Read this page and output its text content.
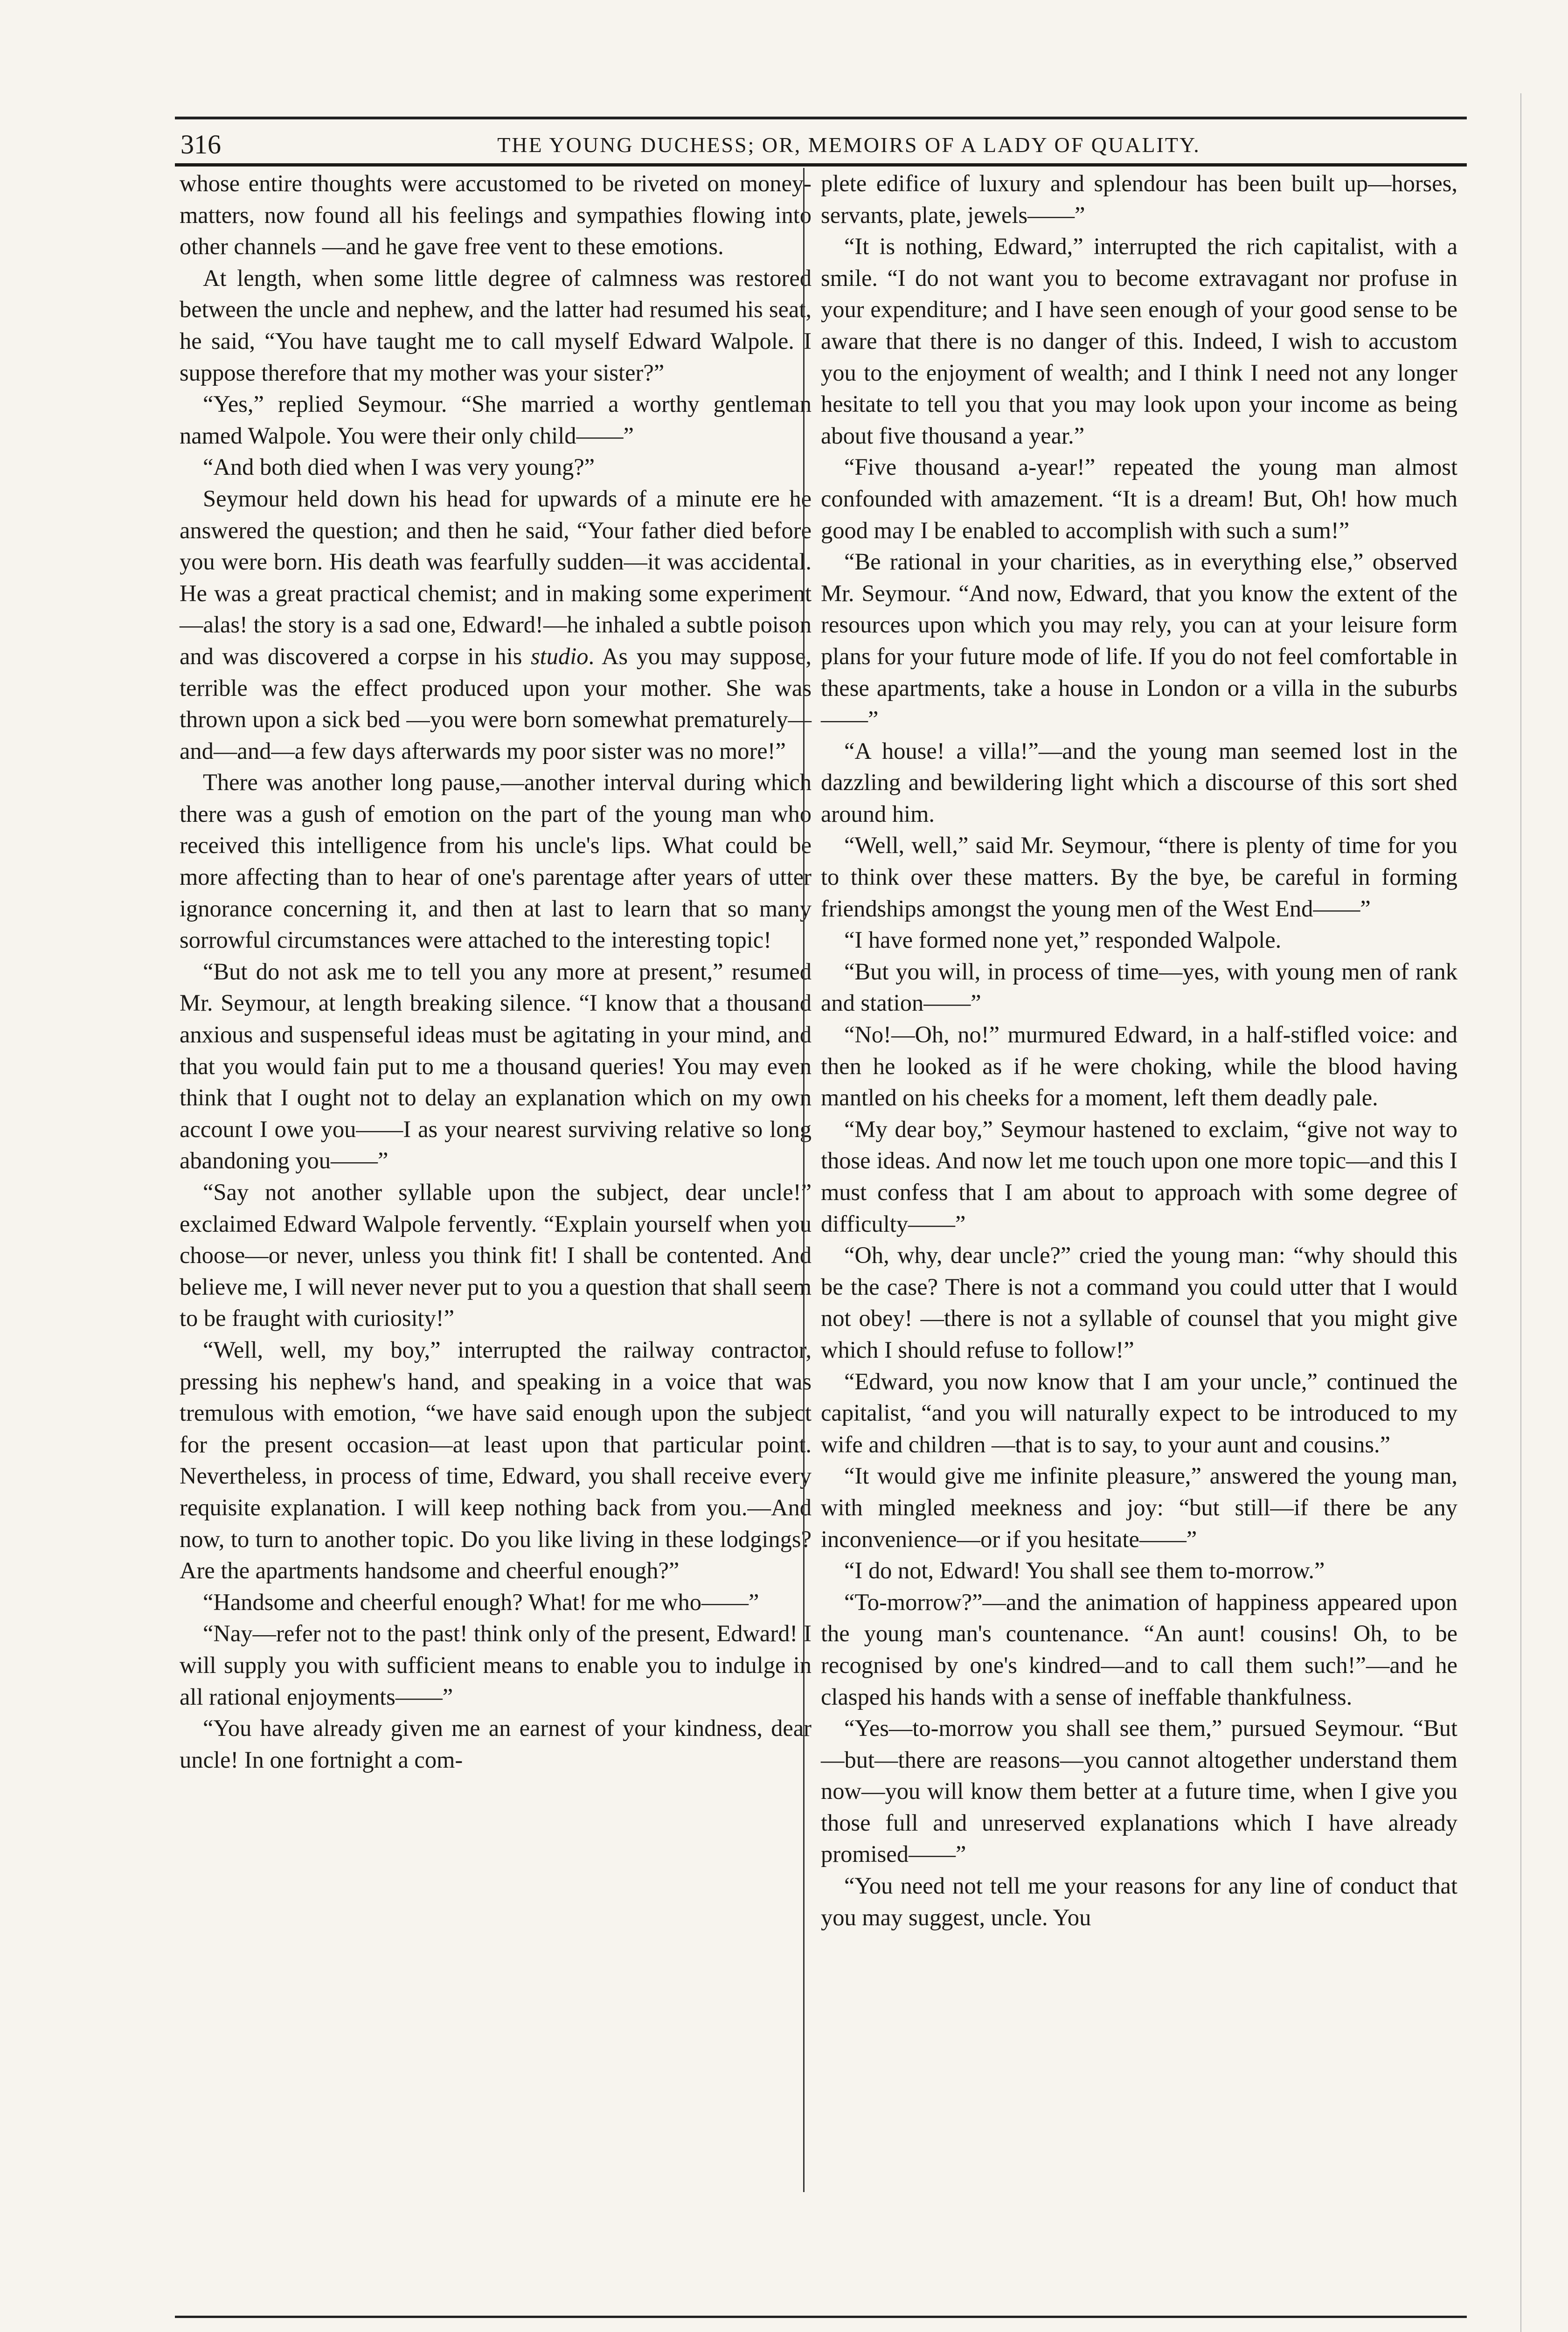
316	THE YOUNG DUCHESS; OR, MEMOIRS OF A LADY OF QUALITY.

whose entire thoughts were accustomed to be riveted on money-matters, now found all his feelings and sympathies flowing into other channels —and he gave free vent to these emotions.

At length, when some little degree of calmness was restored between the uncle and nephew, and the latter had resumed his seat, he said, “You have taught me to call myself Edward Walpole. I suppose therefore that my mother was your sister?”

“Yes,” replied Seymour. “She married a worthy gentleman named Walpole. You were their only child——”

“And both died when I was very young?”

Seymour held down his head for upwards of a minute ere he answered the question; and then he said, “Your father died before you were born. His death was fearfully sudden—it was accidental. He was a great practical chemist; and in making some experiment—alas! the story is a sad one, Edward!—he inhaled a subtle poison and was discovered a corpse in his studio. As you may suppose, terrible was the effect produced upon your mother. She was thrown upon a sick bed —you were born somewhat prematurely—and—and—a few days afterwards my poor sister was no more!”

There was another long pause,—another interval during which there was a gush of emotion on the part of the young man who received this intelligence from his uncle's lips. What could be more affecting than to hear of one's parentage after years of utter ignorance concerning it, and then at last to learn that so many sorrowful circumstances were attached to the interesting topic!

“But do not ask me to tell you any more at present,” resumed Mr. Seymour, at length breaking silence. “I know that a thousand anxious and suspenseful ideas must be agitating in your mind, and that you would fain put to me a thousand queries! You may even think that I ought not to delay an explanation which on my own account I owe you——I as your nearest surviving relative so long abandoning you——”

“Say not another syllable upon the subject, dear uncle!” exclaimed Edward Walpole fervently. “Explain yourself when you choose—or never, unless you think fit! I shall be contented. And believe me, I will never never put to you a question that shall seem to be fraught with curiosity!”

“Well, well, my boy,” interrupted the railway contractor, pressing his nephew's hand, and speaking in a voice that was tremulous with emotion, “we have said enough upon the subject for the present occasion—at least upon that particular point. Nevertheless, in process of time, Edward, you shall receive every requisite explanation. I will keep nothing back from you.—And now, to turn to another topic. Do you like living in these lodgings? Are the apartments handsome and cheerful enough?”

“Handsome and cheerful enough? What! for me who——”

“Nay—refer not to the past! think only of the present, Edward! I will supply you with sufficient means to enable you to indulge in all rational enjoyments——”

“You have already given me an earnest of your kindness, dear uncle! In one fortnight a com-

plete edifice of luxury and splendour has been built up—horses, servants, plate, jewels——”

“It is nothing, Edward,” interrupted the rich capitalist, with a smile. “I do not want you to become extravagant nor profuse in your expenditure; and I have seen enough of your good sense to be aware that there is no danger of this. Indeed, I wish to accustom you to the enjoyment of wealth; and I think I need not any longer hesitate to tell you that you may look upon your income as being about five thousand a year.”

“Five thousand a-year!” repeated the young man almost confounded with amazement. “It is a dream! But, Oh! how much good may I be enabled to accomplish with such a sum!”

“Be rational in your charities, as in everything else,” observed Mr. Seymour. “And now, Edward, that you know the extent of the resources upon which you may rely, you can at your leisure form plans for your future mode of life. If you do not feel comfortable in these apartments, take a house in London or a villa in the suburbs——”

“A house! a villa!”—and the young man seemed lost in the dazzling and bewildering light which a discourse of this sort shed around him.

“Well, well,” said Mr. Seymour, “there is plenty of time for you to think over these matters. By the bye, be careful in forming friendships amongst the young men of the West End——”

“I have formed none yet,” responded Walpole.

“But you will, in process of time—yes, with young men of rank and station——”

“No!—Oh, no!” murmured Edward, in a half-stifled voice: and then he looked as if he were choking, while the blood having mantled on his cheeks for a moment, left them deadly pale.

“My dear boy,” Seymour hastened to exclaim, “give not way to those ideas. And now let me touch upon one more topic—and this I must confess that I am about to approach with some degree of difficulty——”

“Oh, why, dear uncle?” cried the young man: “why should this be the case? There is not a command you could utter that I would not obey! —there is not a syllable of counsel that you might give which I should refuse to follow!”

“Edward, you now know that I am your uncle,” continued the capitalist, “and you will naturally expect to be introduced to my wife and children —that is to say, to your aunt and cousins.”

“It would give me infinite pleasure,” answered the young man, with mingled meekness and joy: “but still—if there be any inconvenience—or if you hesitate——”

“I do not, Edward! You shall see them to-morrow.”

“To-morrow?”—and the animation of happiness appeared upon the young man's countenance. “An aunt! cousins! Oh, to be recognised by one's kindred—and to call them such!”—and he clasped his hands with a sense of ineffable thankfulness.

“Yes—to-morrow you shall see them,” pursued Seymour. “But—but—there are reasons—you cannot altogether understand them now—you will know them better at a future time, when I give you those full and unreserved explanations which I have already promised——”

“You need not tell me your reasons for any line of conduct that you may suggest, uncle. You
